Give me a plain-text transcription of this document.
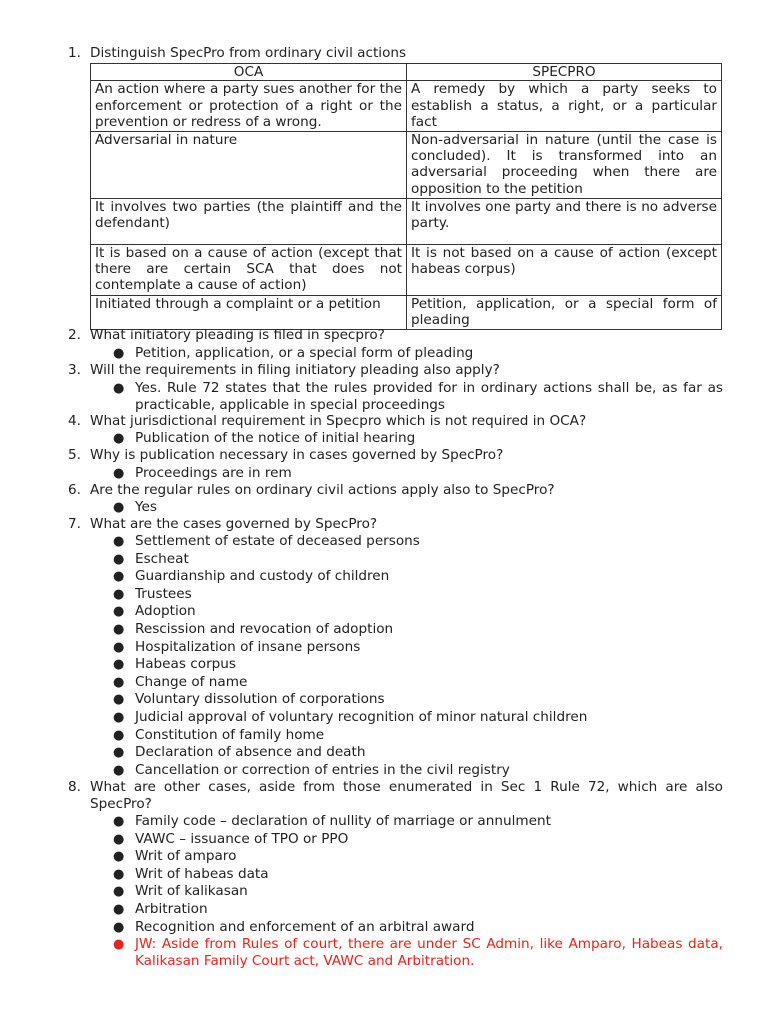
1. Distinguish SpecPro from ordinary civil actions
OCA	SPECPRO
An action where a party sues another for the enforcement or protection of a right or the prevention or redress of a wrong.	A remedy by which a party seeks to establish a status, a right, or a particular fact
Adversarial in nature	Non-adversarial in nature (until the case is concluded). It is transformed into an adversarial proceeding when there are opposition to the petition
It involves two parties (the plaintiff and the defendant)	It involves one party and there is no adverse party.
It is based on a cause of action (except that there are certain SCA that does not contemplate a cause of action)	It is not based on a cause of action (except habeas corpus)
Initiated through a complaint or a petition	Petition, application, or a special form of pleading
2. What initiatory pleading is filed in specpro?
● Petition, application, or a special form of pleading
3. Will the requirements in filing initiatory pleading also apply?
● Yes. Rule 72 states that the rules provided for in ordinary actions shall be, as far as practicable, applicable in special proceedings
4. What jurisdictional requirement in Specpro which is not required in OCA?
● Publication of the notice of initial hearing
5. Why is publication necessary in cases governed by SpecPro?
● Proceedings are in rem
6. Are the regular rules on ordinary civil actions apply also to SpecPro?
● Yes
7. What are the cases governed by SpecPro?
● Settlement of estate of deceased persons
● Escheat
● Guardianship and custody of children
● Trustees
● Adoption
● Rescission and revocation of adoption
● Hospitalization of insane persons
● Habeas corpus
● Change of name
● Voluntary dissolution of corporations
● Judicial approval of voluntary recognition of minor natural children
● Constitution of family home
● Declaration of absence and death
● Cancellation or correction of entries in the civil registry
8. What are other cases, aside from those enumerated in Sec 1 Rule 72, which are also SpecPro?
● Family code – declaration of nullity of marriage or annulment
● VAWC – issuance of TPO or PPO
● Writ of amparo
● Writ of habeas data
● Writ of kalikasan
● Arbitration
● Recognition and enforcement of an arbitral award
● JW: Aside from Rules of court, there are under SC Admin, like Amparo, Habeas data, Kalikasan Family Court act, VAWC and Arbitration.
